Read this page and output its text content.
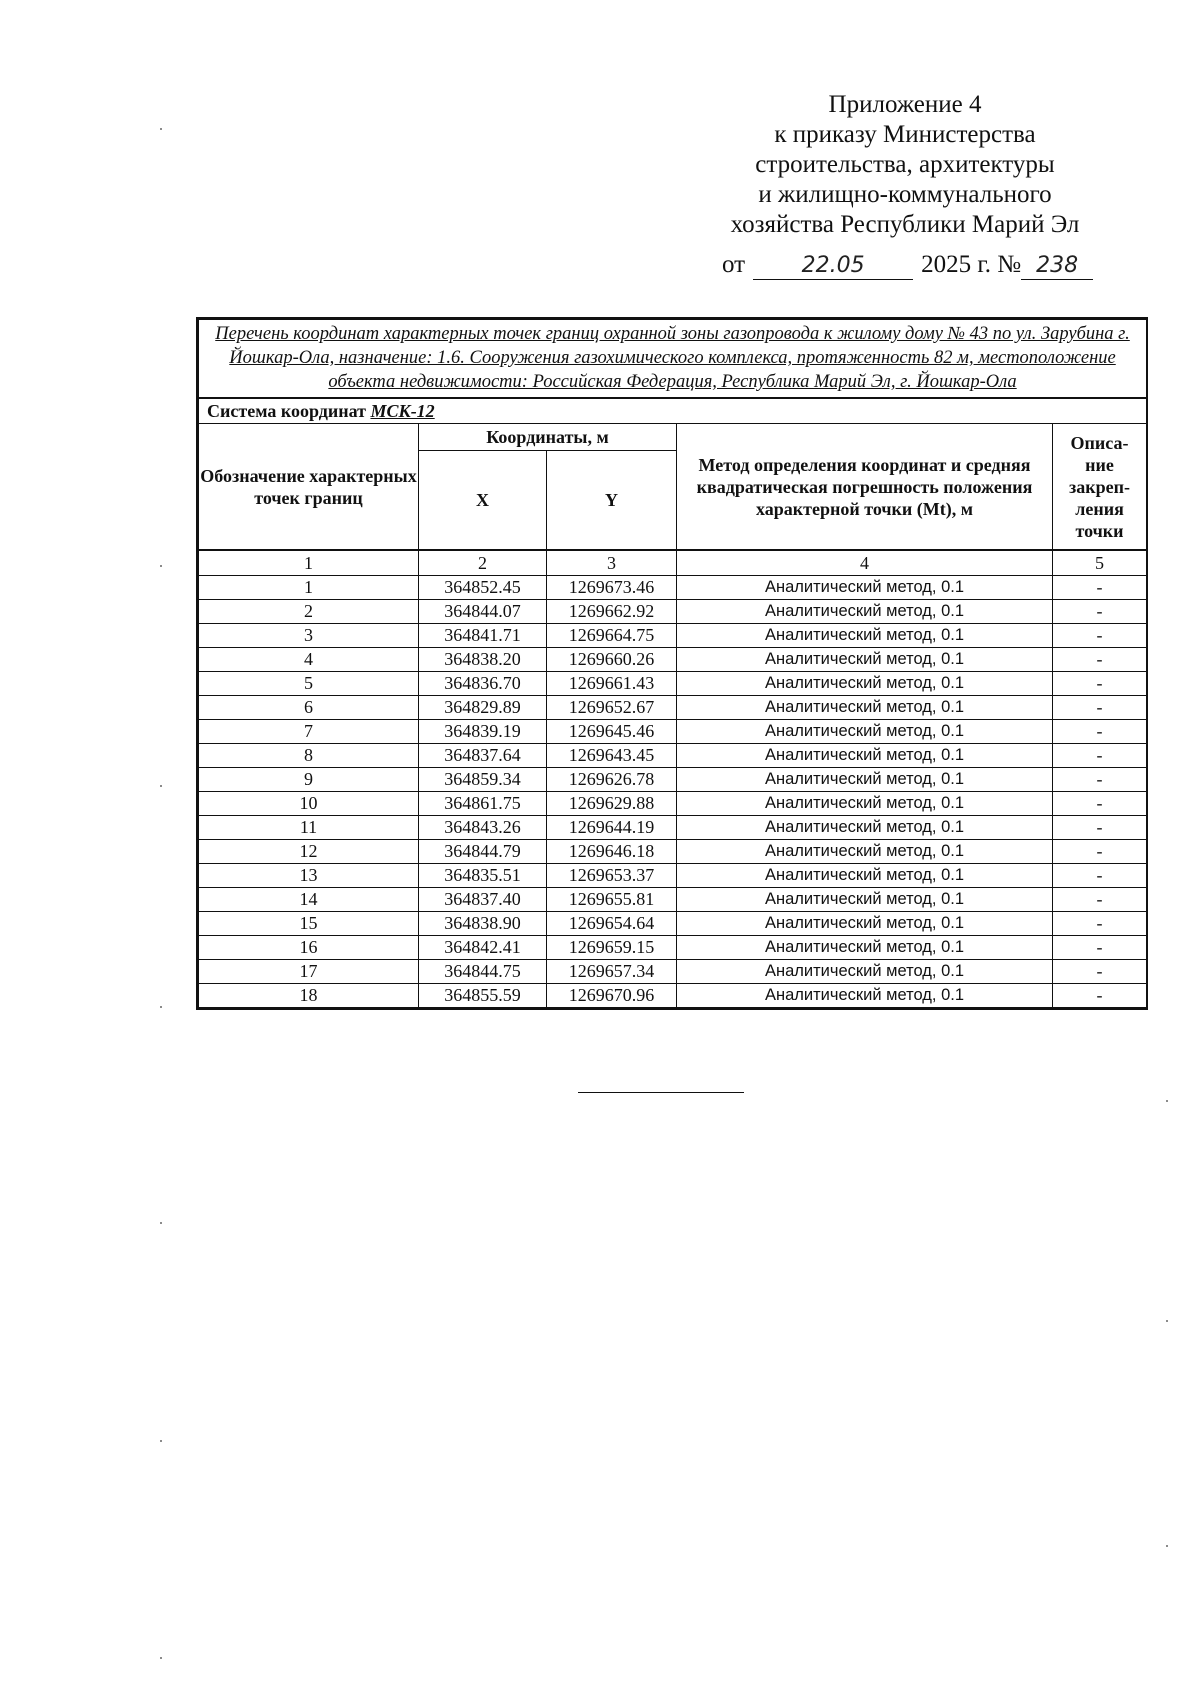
Приложение 4
к приказу Министерства
строительства, архитектуры
и жилищно-коммунального
хозяйства Республики Марий Эл
от	22.05 2025 г. № 238
Перечень координат характерных точек границ охранной зоны газопровода к жилому дому № 43 по ул. Зарубина г. Йошкар-Ола, назначение: 1.6. Сооружения газохимического комплекса, протяженность 82 м, местоположение объекта недвижимости: Российская Федерация, Республика Марий Эл, г. Йошкар-Ола				
Система координат МСК-12				
Обозначение характерных точек границ	Координаты, м		Метод определения координат и средняя квадратическая погрешность положения характерной точки (Mt), м	Описа-ние закреп-ления точки
	X	Y		
1	2	3	4	5
1	364852.45	1269673.46	Аналитический метод, 0.1	-
2	364844.07	1269662.92	Аналитический метод, 0.1	-
3	364841.71	1269664.75	Аналитический метод, 0.1	-
4	364838.20	1269660.26	Аналитический метод, 0.1	-
5	364836.70	1269661.43	Аналитический метод, 0.1	-
6	364829.89	1269652.67	Аналитический метод, 0.1	-
7	364839.19	1269645.46	Аналитический метод, 0.1	-
8	364837.64	1269643.45	Аналитический метод, 0.1	-
9	364859.34	1269626.78	Аналитический метод, 0.1	-
10	364861.75	1269629.88	Аналитический метод, 0.1	-
11	364843.26	1269644.19	Аналитический метод, 0.1	-
12	364844.79	1269646.18	Аналитический метод, 0.1	-
13	364835.51	1269653.37	Аналитический метод, 0.1	-
14	364837.40	1269655.81	Аналитический метод, 0.1	-
15	364838.90	1269654.64	Аналитический метод, 0.1	-
16	364842.41	1269659.15	Аналитический метод, 0.1	-
17	364844.75	1269657.34	Аналитический метод, 0.1	-
18	364855.59	1269670.96	Аналитический метод, 0.1	-
